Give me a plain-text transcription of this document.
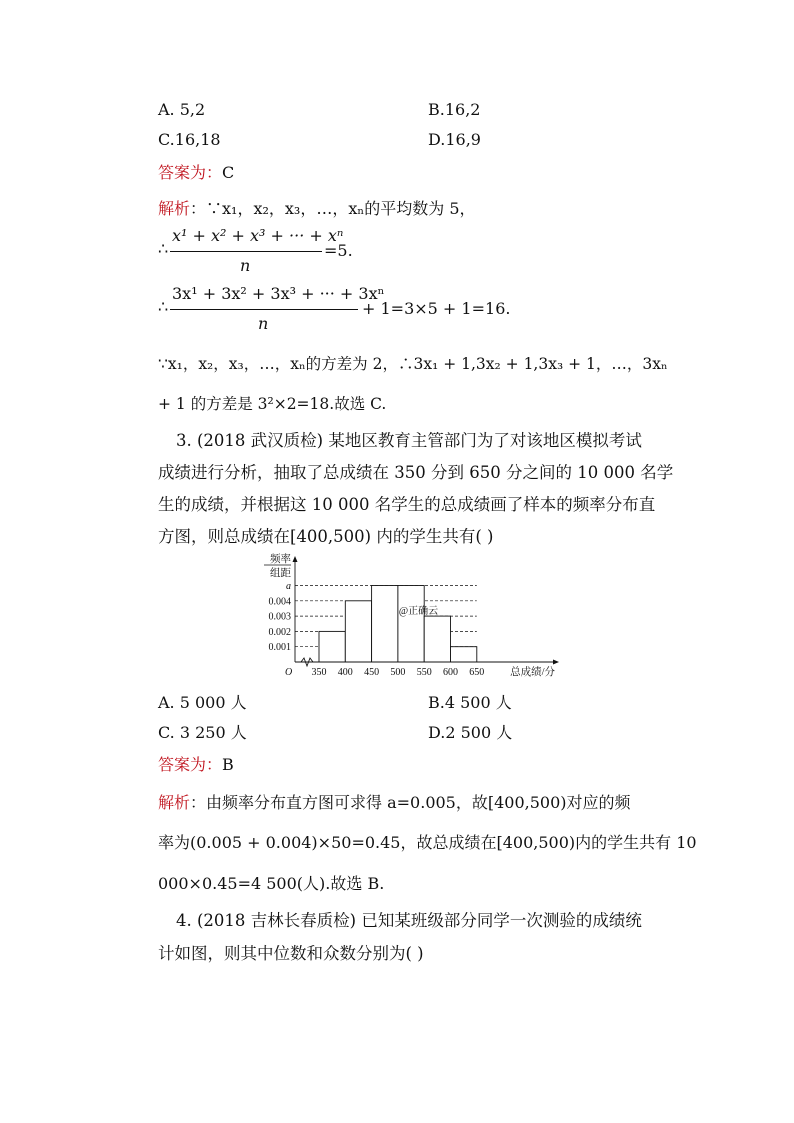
A. 5,2	B.16,2
C.16,18	D.16,9
答案为：C
解析：∵x₁，x₂，x₃，…，xₙ的平均数为 5，
∴
x¹ + x² + x³ + ··· + xⁿ
n
=5.
∴
3x¹ + 3x² + 3x³ + ··· + 3xⁿ
n
+ 1=3×5 + 1=16.
∵x₁，x₂，x₃，…，xₙ的方差为 2，∴3x₁ + 1,3x₂ + 1,3x₃ + 1，…，3xₙ
+ 1 的方差是 3²×2=18.故选 C.
3. (2018 武汉质检) 某地区教育主管部门为了对该地区模拟考试
成绩进行分析，抽取了总成绩在 350 分到 650 分之间的 10 000 名学
生的成绩，并根据这 10 000 名学生的总成绩画了样本的频率分布直
方图，则总成绩在[400,500) 内的学生共有( )
a
0.004
0.003
0.002
0.001
350 400 450 500 550 600 650
O	总成绩/分
频率
组距
@正确云
A. 5 000 人	B.4 500 人
C. 3 250 人	D.2 500 人
答案为：B
解析：由频率分布直方图可求得 a=0.005，故[400,500)对应的频
率为(0.005 + 0.004)×50=0.45，故总成绩在[400,500)内的学生共有 10
000×0.45=4 500(人).故选 B.
4. (2018 吉林长春质检) 已知某班级部分同学一次测验的成绩统
计如图，则其中位数和众数分别为( )
